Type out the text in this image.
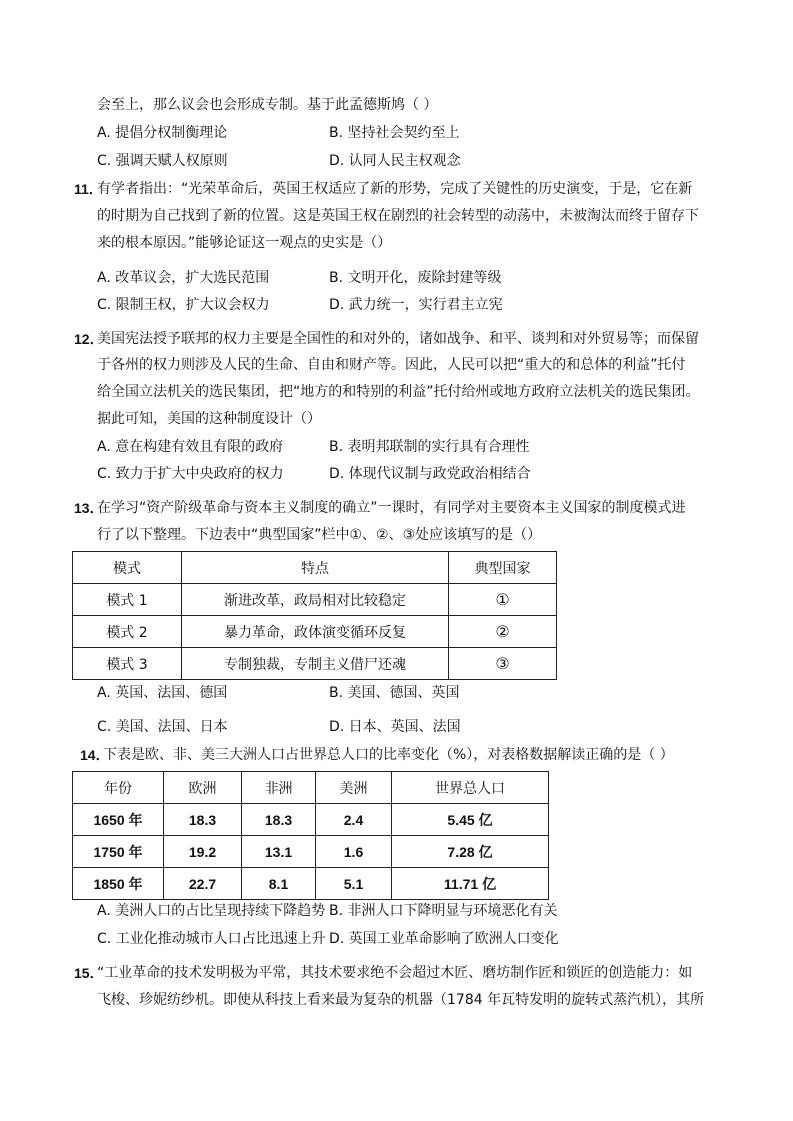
会至上，那么议会也会形成专制。基于此孟德斯鸠（ ）
A. 提倡分权制衡理论	B. 坚持社会契约至上
C. 强调天赋人权原则	D. 认同人民主权观念
11．
有学者指出：“光荣革命后，英国王权适应了新的形势，完成了关键性的历史演变，于是，它在新
的时期为自己找到了新的位置。这是英国王权在剧烈的社会转型的动荡中，未被淘汰而终于留存下
来的根本原因。”能够论证这一观点的史实是（）
A. 改革议会，扩大选民范围	B. 文明开化，废除封建等级
C. 限制王权，扩大议会权力	D. 武力统一，实行君主立宪
12．
美国宪法授予联邦的权力主要是全国性的和对外的，诸如战争、和平、谈判和对外贸易等；而保留
于各州的权力则涉及人民的生命、自由和财产等。因此，人民可以把“重大的和总体的利益”托付
给全国立法机关的选民集团，把“地方的和特别的利益”托付给州或地方政府立法机关的选民集团。
据此可知，美国的这种制度设计（）
A. 意在构建有效且有限的政府	B. 表明邦联制的实行具有合理性
C. 致力于扩大中央政府的权力	D. 体现代议制与政党政治相结合
13．
在学习“资产阶级革命与资本主义制度的确立”一课时，有同学对主要资本主义国家的制度模式进
行了以下整理。下边表中“典型国家”栏中①、②、③处应该填写的是（）
模式	特点	典型国家
模式 1	渐进改革，政局相对比较稳定	①
模式 2	暴力革命，政体演变循环反复	②
模式 3	专制独裁，专制主义借尸还魂	③
A. 英国、法国、德国	B. 美国、德国、英国
C. 美国、法国、日本	D. 日本、英国、法国
14．
下表是欧、非、美三大洲人口占世界总人口的比率变化（%），对表格数据解读正确的是（ ）
年份	欧洲	非洲	美洲	世界总人口
1650 年	18.3	18.3	2.4	5.45 亿
1750 年	19.2	13.1	1.6	7.28 亿
1850 年	22.7	8.1	5.1	11.71 亿
A. 美洲人口的占比呈现持续下降趋势 B. 非洲人口下降明显与环境恶化有关
C. 工业化推动城市人口占比迅速上升 D. 英国工业革命影响了欧洲人口变化
15．
“工业革命的技术发明极为平常，其技术要求绝不会超过木匠、磨坊制作匠和锁匠的创造能力：如
飞梭、珍妮纺纱机。即使从科技上看来最为复杂的机器（1784 年瓦特发明的旋转式蒸汽机），其所
